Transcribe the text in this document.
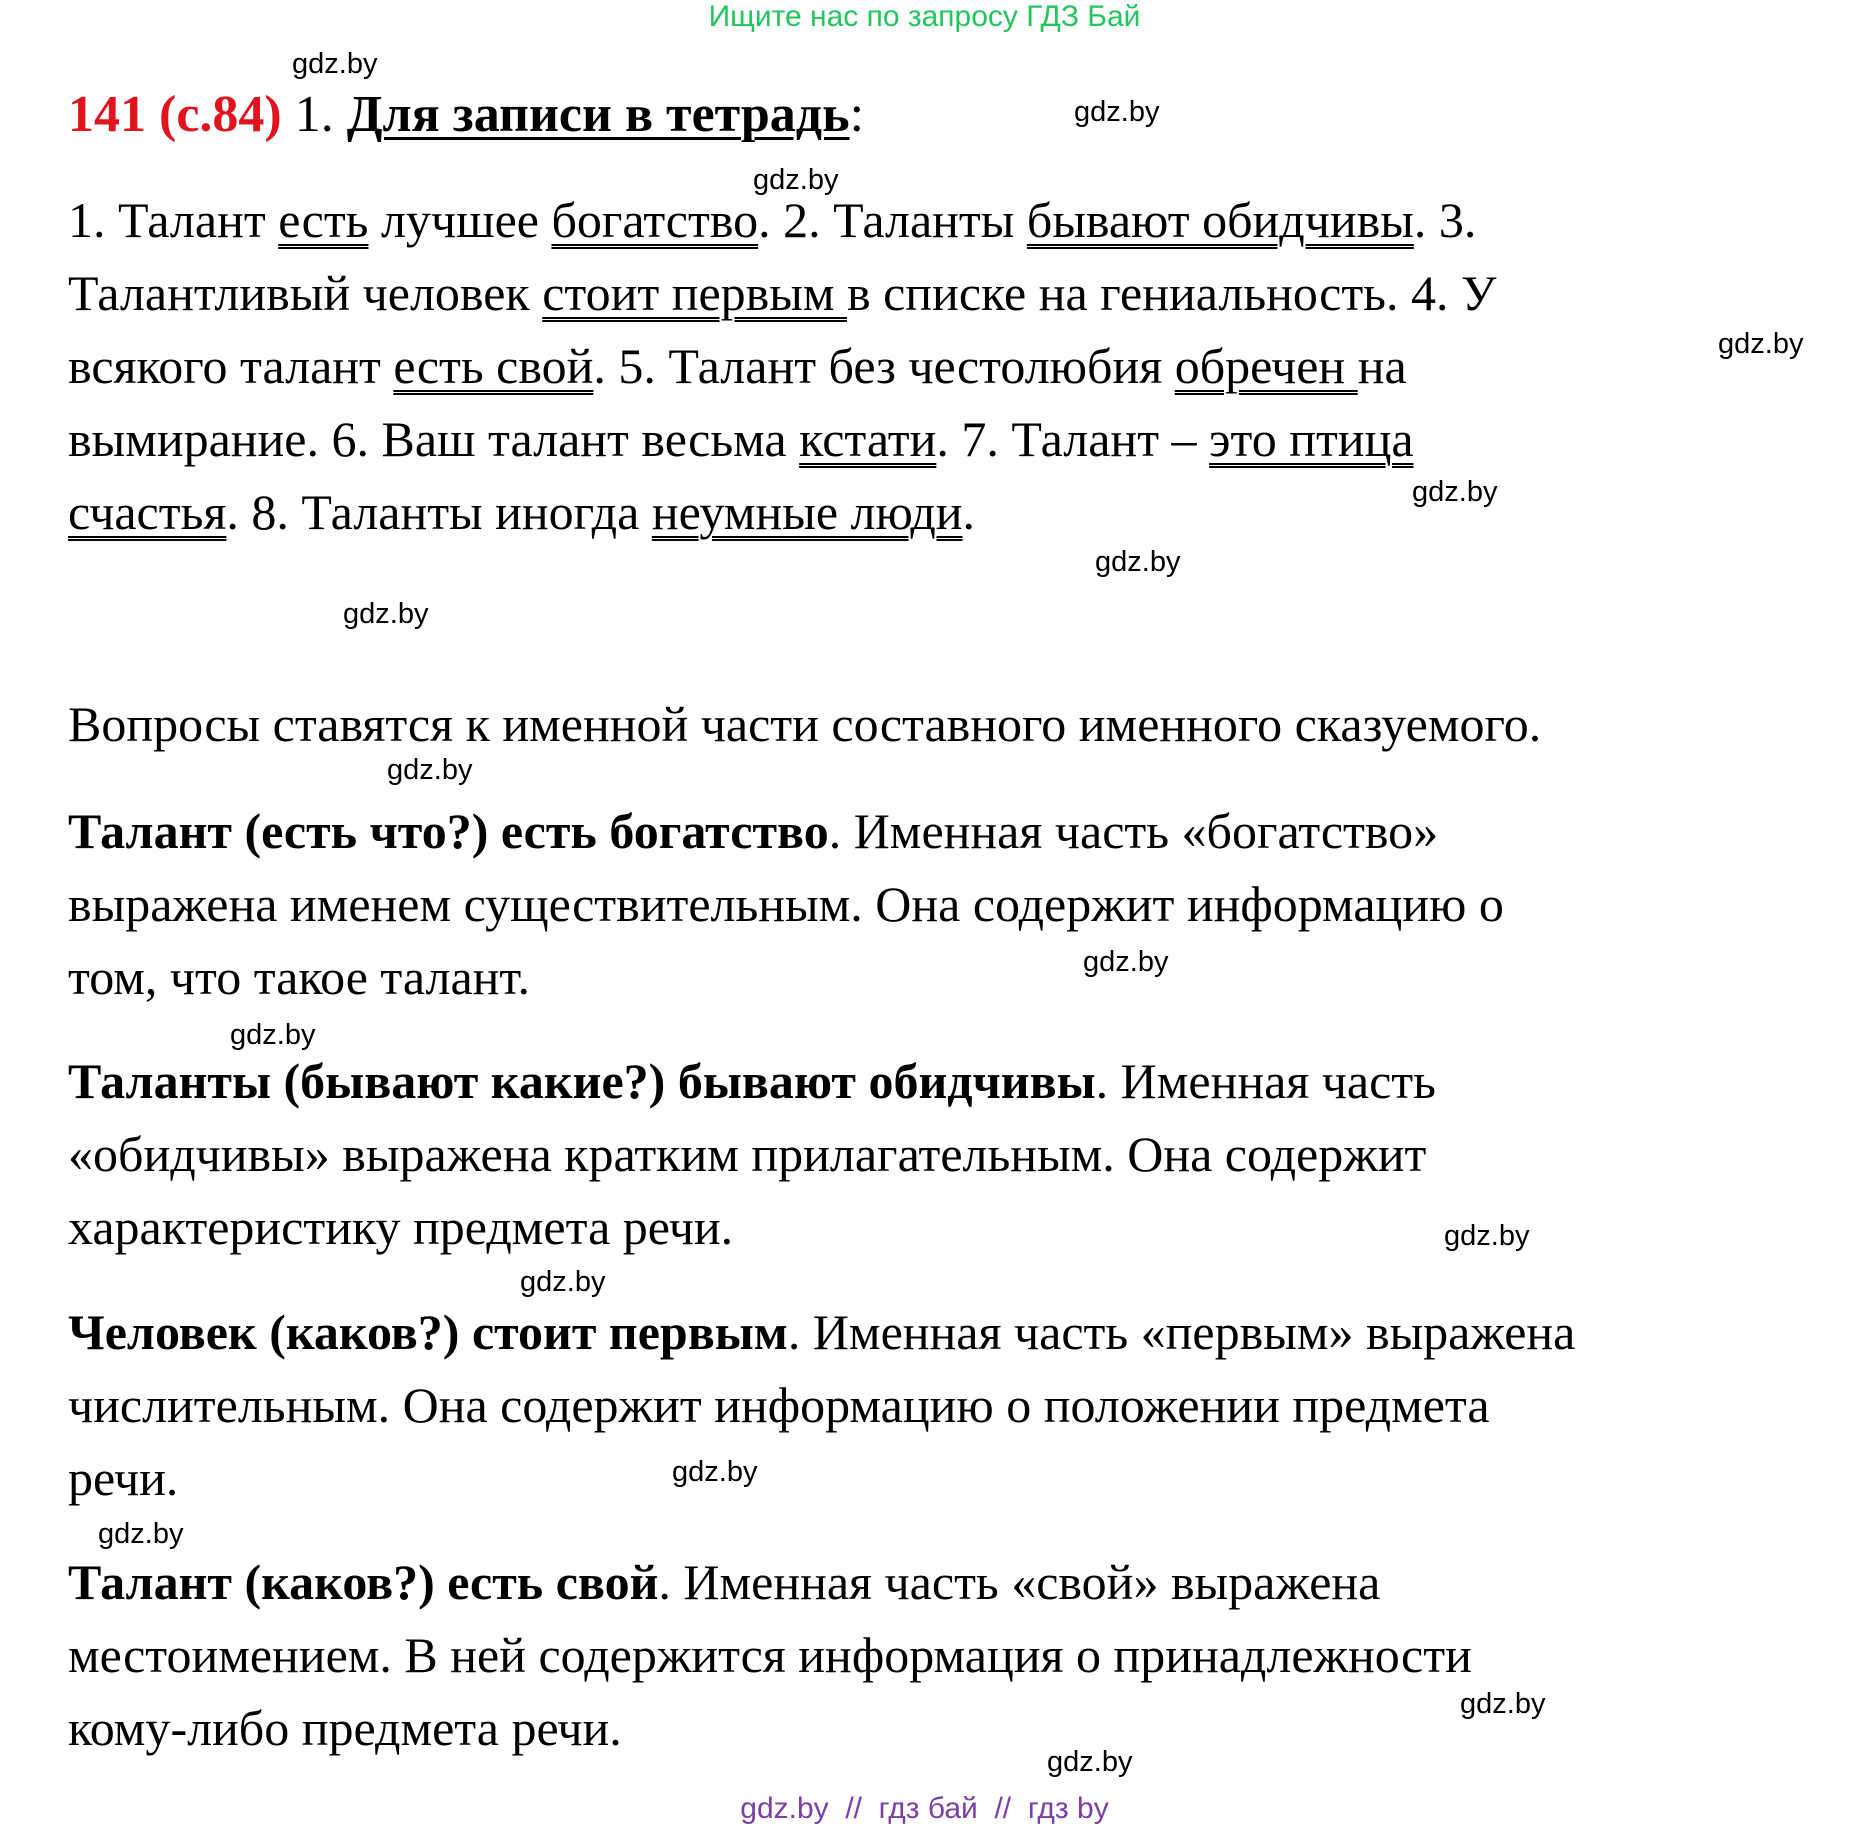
Ищите нас по запросу ГДЗ Бай
gdz.by
gdz.by
gdz.by
gdz.by
gdz.by
gdz.by
gdz.by
gdz.by
gdz.by
gdz.by
gdz.by
gdz.by
gdz.by
gdz.by
gdz.by
gdz.by
141 (с.84) 1. Для записи в тетрадь:
1. Талант есть лучшее богатство. 2. Таланты бывают обидчивы. 3.
Талантливый человек стоит первым в списке на гениальность. 4. У
всякого талант есть свой. 5. Талант без честолюбия обречен на
вымирание. 6. Ваш талант весьма кстати. 7. Талант – это птица
счастья. 8. Таланты иногда неумные люди.
Вопросы ставятся к именной части составного именного сказуемого.
Талант (есть что?) есть богатство. Именная часть «богатство»
выражена именем существительным. Она содержит информацию о
том, что такое талант.
Таланты (бывают какие?) бывают обидчивы. Именная часть
«обидчивы» выражена кратким прилагательным. Она содержит
характеристику предмета речи.
Человек (каков?) стоит первым. Именная часть «первым» выражена
числительным. Она содержит информацию о положении предмета
речи.
Талант (каков?) есть свой. Именная часть «свой» выражена
местоимением. В ней содержится информация о принадлежности
кому-либо предмета речи.
gdz.by  //  гдз бай  //  гдз by
